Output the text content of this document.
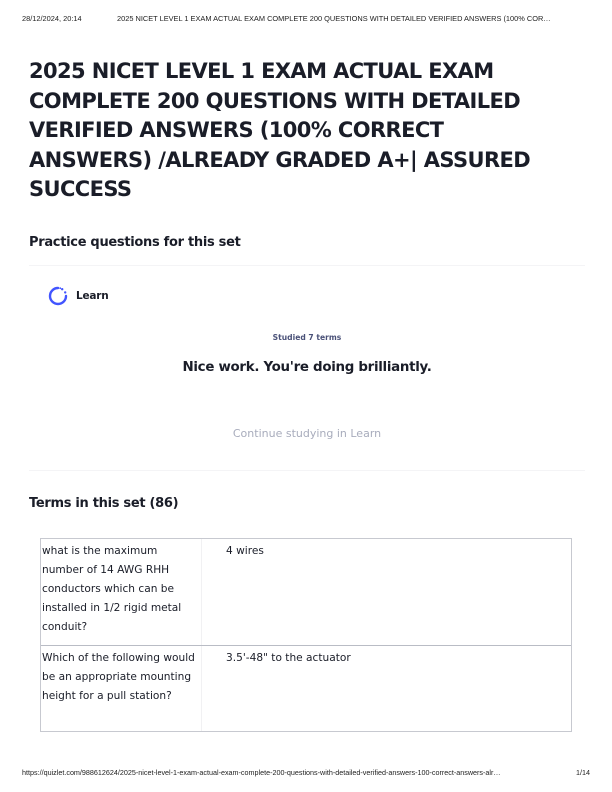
28/12/2024, 20:14	2025 NICET LEVEL 1 EXAM ACTUAL EXAM COMPLETE 200 QUESTIONS WITH DETAILED VERIFIED ANSWERS (100% COR…
2025 NICET LEVEL 1 EXAM ACTUAL EXAM COMPLETE 200 QUESTIONS WITH DETAILED VERIFIED ANSWERS (100% CORRECT ANSWERS) /ALREADY GRADED A+| ASSURED SUCCESS
Practice questions for this set
Learn
Studied 7 terms
Nice work. You're doing brilliantly.
Continue studying in Learn
Terms in this set (86)
what is the maximum number of 14 AWG RHH conductors which can be installed in 1/2 rigid metal conduit?
4 wires
Which of the following would be an appropriate mounting height for a pull station?
3.5'-48" to the actuator
https://quizlet.com/988612624/2025-nicet-level-1-exam-actual-exam-complete-200-questions-with-detailed-verified-answers-100-correct-answers-alr…	1/14
